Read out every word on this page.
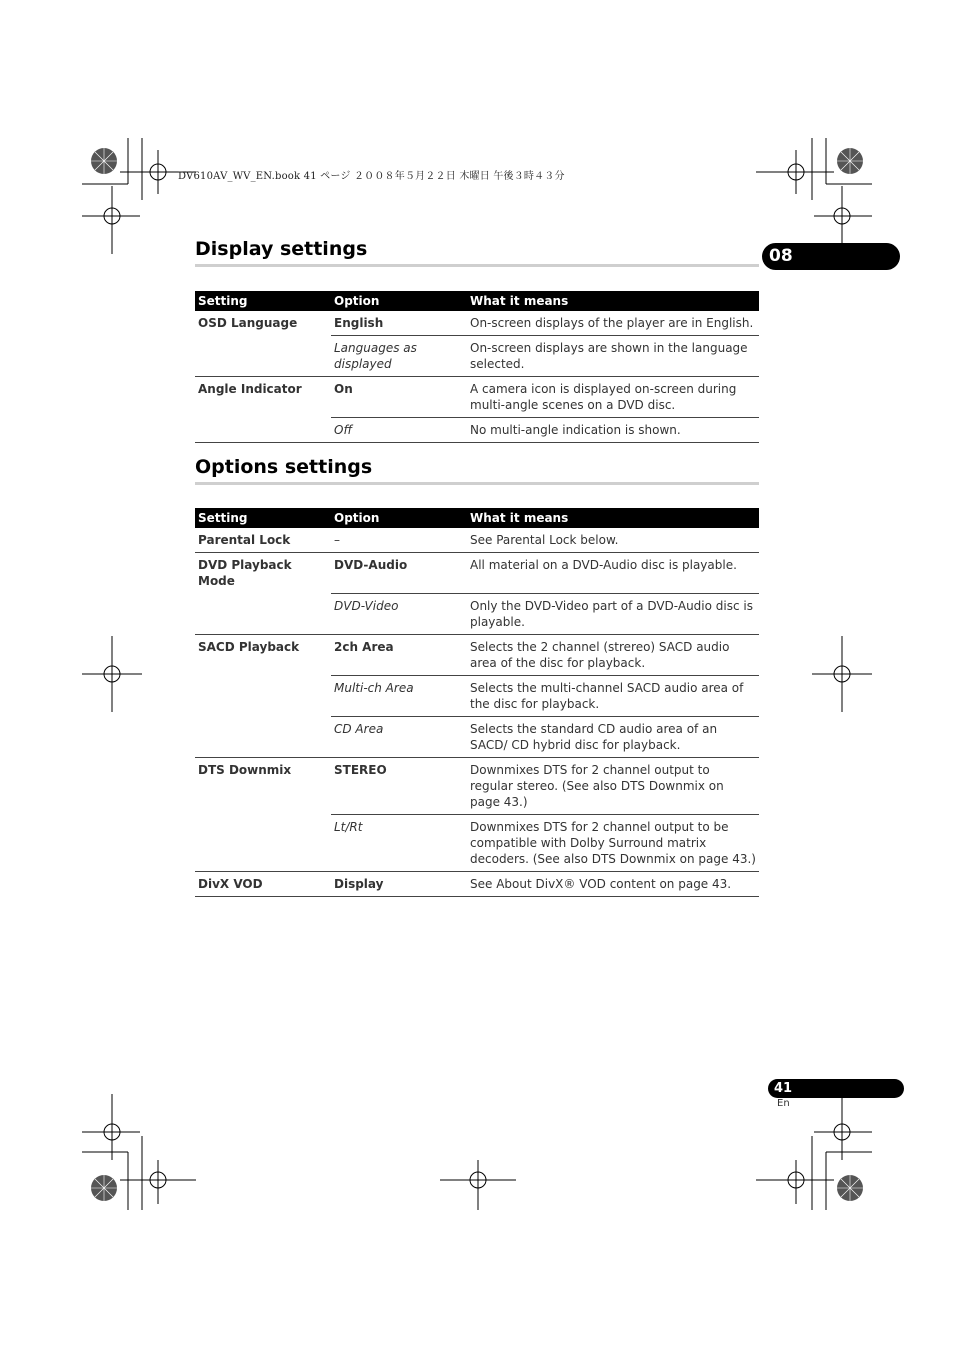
DV610AV_WV_EN.book 41 ページ ２００８年５月２２日 木曜日 午後３時４３分
08
Display settings
Setting	Option	What it means
OSD Language	English	On-screen displays of the player are in English.
	Languages as displayed	On-screen displays are shown in the language selected.
Angle Indicator	On	A camera icon is displayed on-screen during multi-angle scenes on a DVD disc.
	Off	No multi-angle indication is shown.
Options settings
Setting	Option	What it means
Parental Lock	–	See Parental Lock below.
DVD Playback Mode	DVD-Audio	All material on a DVD-Audio disc is playable.
	DVD-Video	Only the DVD-Video part of a DVD-Audio disc is playable.
SACD Playback	2ch Area	Selects the 2 channel (strereo) SACD audio area of the disc for playback.
	Multi-ch Area	Selects the multi-channel SACD audio area of the disc for playback.
	CD Area	Selects the standard CD audio area of an SACD/ CD hybrid disc for playback.
DTS Downmix	STEREO	Downmixes DTS for 2 channel output to regular stereo. (See also DTS Downmix on page 43.)
	Lt/Rt	Downmixes DTS for 2 channel output to be compatible with Dolby Surround matrix decoders. (See also DTS Downmix on page 43.)
DivX VOD	Display	See About DivX® VOD content on page 43.
41
En
